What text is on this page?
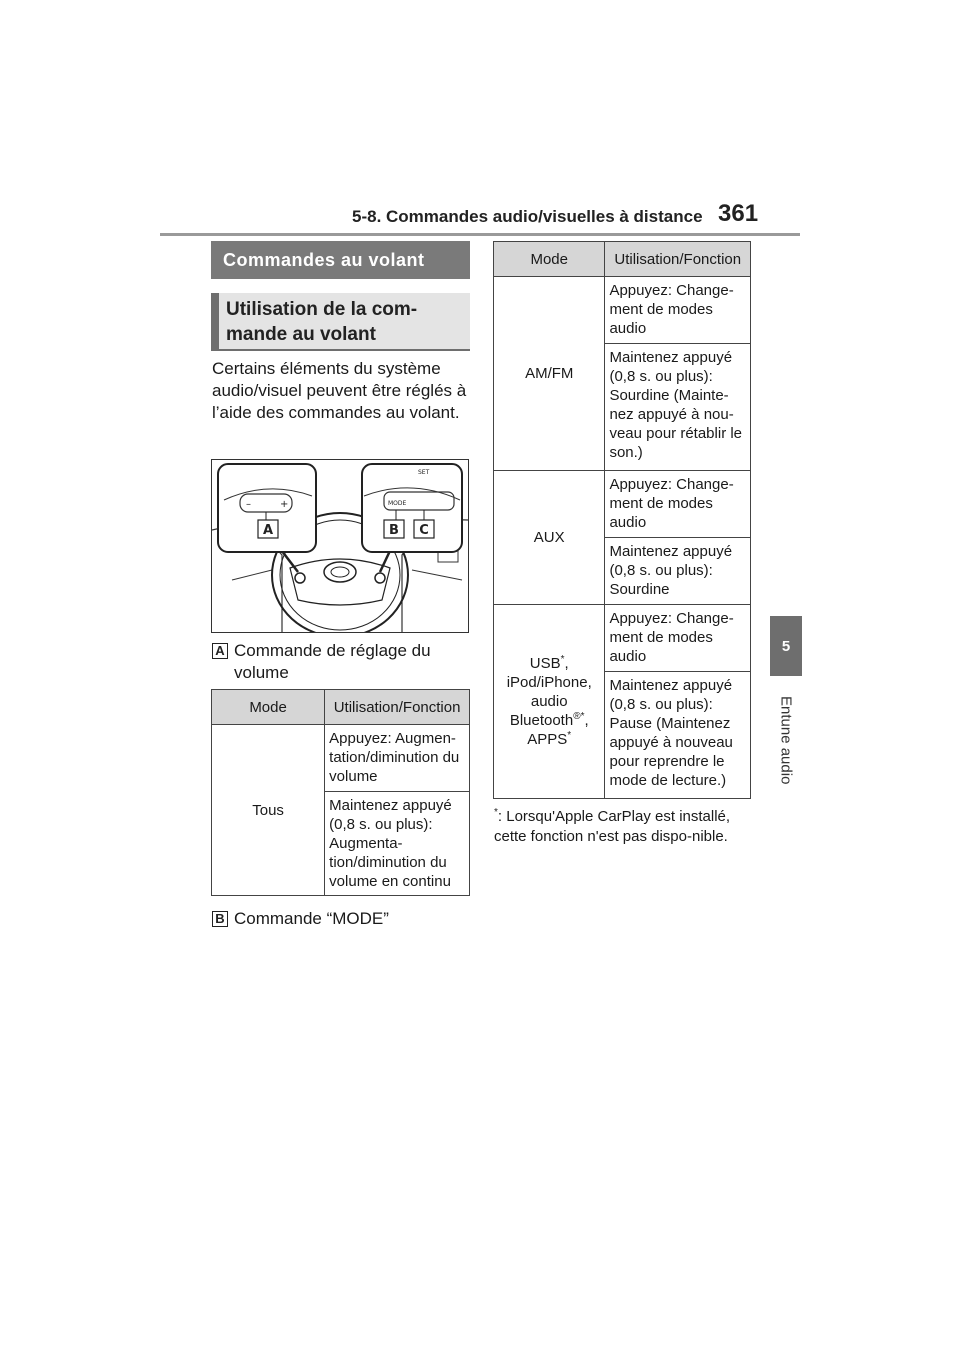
5-8. Commandes audio/visuelles à distance 361
5
Entune audio
Commandes au volant
Utilisation de la com-mande au volant
Certains éléments du système audio/visuel peuvent être réglés à l’aide des commandes au volant.
–	+
A
MODE
SET
B C
A Commande de réglage du volume
Mode	Utilisation/Fonction
Tous	Appuyez: Augmen-tation/diminution du volume
	Maintenez appuyé (0,8 s. ou plus): Augmenta-tion/diminution du volume en continu
B Commande “MODE”
Mode	Utilisation/Fonction
AM/FM	Appuyez: Change-ment de modes audio
	Maintenez appuyé (0,8 s. ou plus): Sourdine (Mainte-nez appuyé à nou-veau pour rétablir le son.)
AUX	Appuyez: Change-ment de modes audio
	Maintenez appuyé (0,8 s. ou plus): Sourdine
USB*,
iPod/iPhone, audio
Bluetooth®*,
APPS*	Appuyez: Change-ment de modes audio
	Maintenez appuyé (0,8 s. ou plus): Pause (Maintenez appuyé à nouveau pour reprendre le mode de lecture.)
*: Lorsqu'Apple CarPlay est installé, cette fonction n'est pas dispo-nible.
